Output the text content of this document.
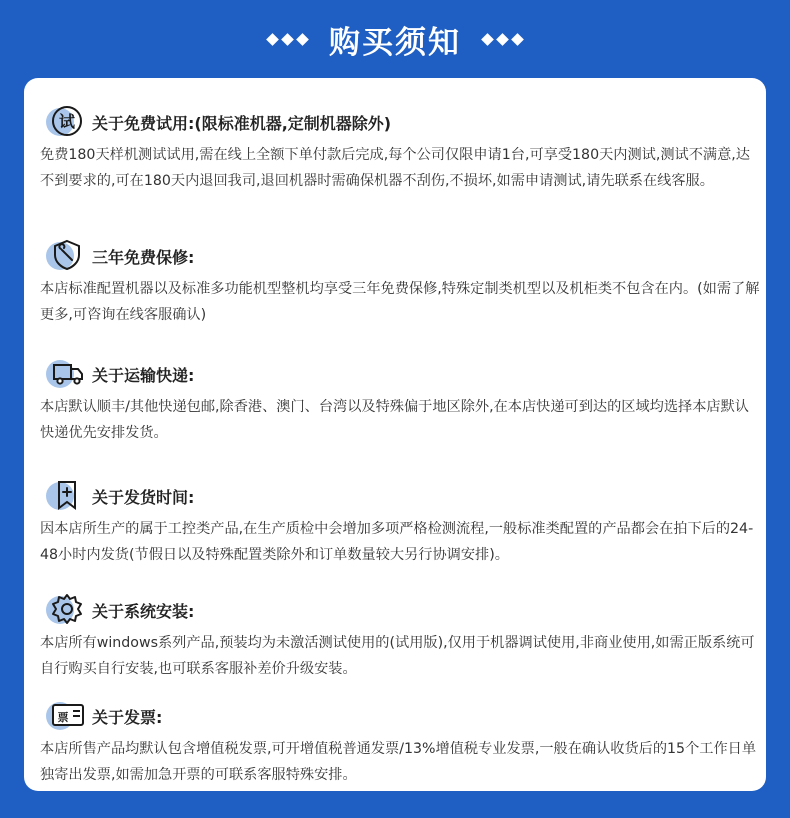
购买须知
试 关于免费试用:(限标准机器,定制机器除外)
免费180天样机测试试用,需在线上全额下单付款后完成,每个公司仅限申请1台,可享受180天内测试,测试不满意,达不到要求的,可在180天内退回我司,退回机器时需确保机器不刮伤,不损坏,如需申请测试,请先联系在线客服。
三年免费保修:
本店标准配置机器以及标准多功能机型整机均享受三年免费保修,特殊定制类机型以及机柜类不包含在内。(如需了解更多,可咨询在线客服确认)
关于运输快递:
本店默认顺丰/其他快递包邮,除香港、澳门、台湾以及特殊偏于地区除外,在本店快递可到达的区域均选择本店默认快递优先安排发货。
关于发货时间:
因本店所生产的属于工控类产品,在生产质检中会增加多项严格检测流程,一般标准类配置的产品都会在拍下后的24-48小时内发货(节假日以及特殊配置类除外和订单数量较大另行协调安排)。
关于系统安装:
本店所有windows系列产品,预装均为未激活测试使用的(试用版),仅用于机器调试使用,非商业使用,如需正版系统可自行购买自行安装,也可联系客服补差价升级安装。
票 关于发票:
本店所售产品均默认包含增值税发票,可开增值税普通发票/13%增值税专业发票,一般在确认收货后的15个工作日单独寄出发票,如需加急开票的可联系客服特殊安排。
